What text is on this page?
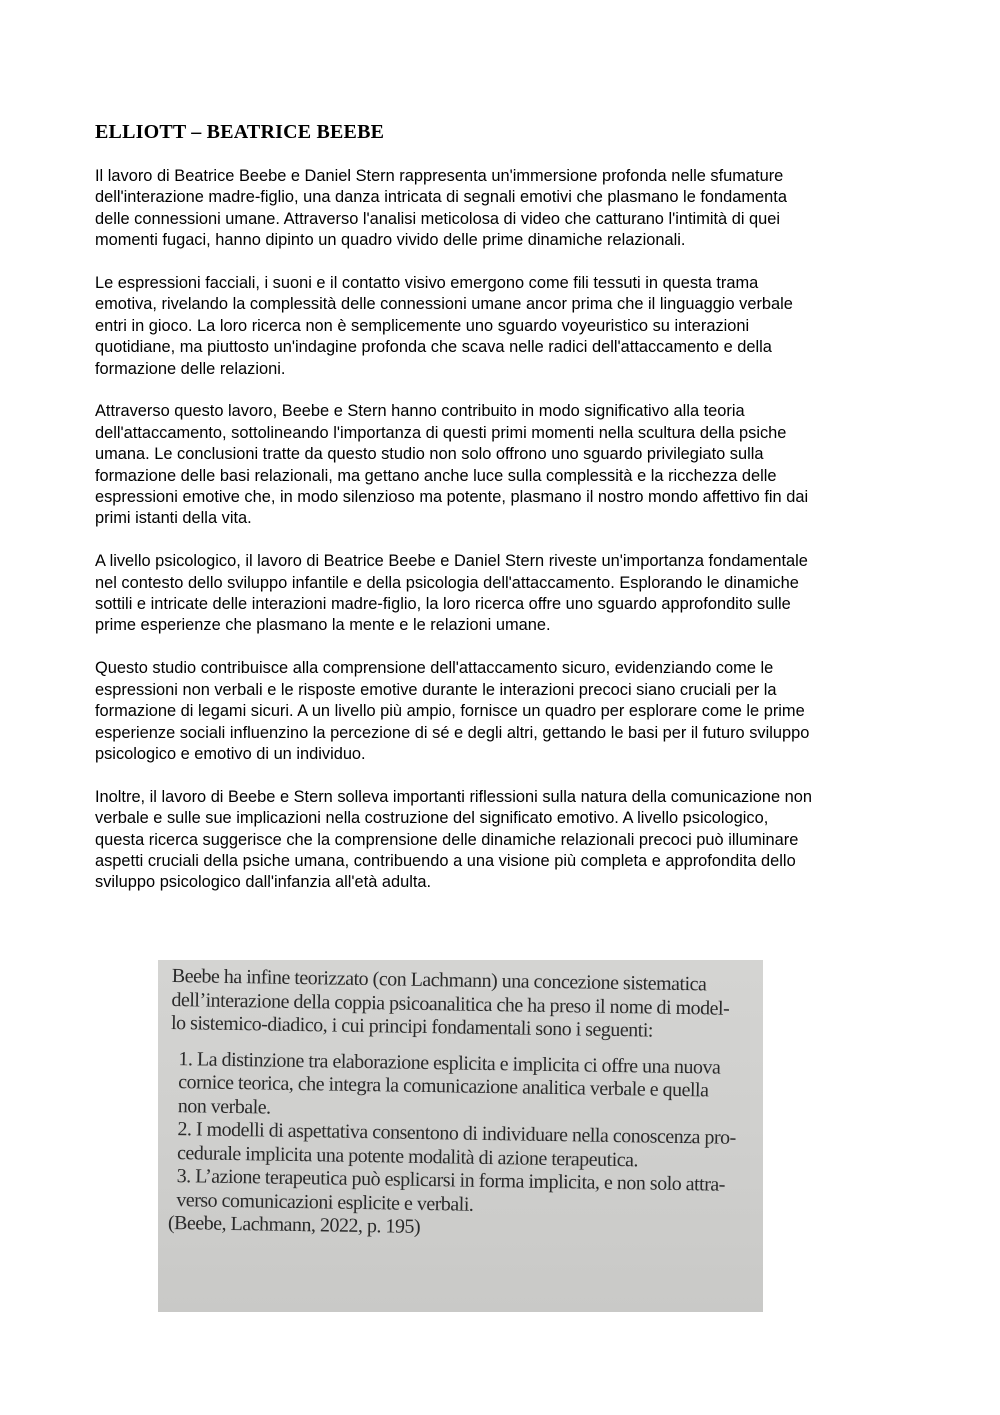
ELLIOTT – BEATRICE BEEBE

Il lavoro di Beatrice Beebe e Daniel Stern rappresenta un'immersione profonda nelle sfumature
dell'interazione madre-figlio, una danza intricata di segnali emotivi che plasmano le fondamenta
delle connessioni umane. Attraverso l'analisi meticolosa di video che catturano l'intimità di quei
momenti fugaci, hanno dipinto un quadro vivido delle prime dinamiche relazionali.

Le espressioni facciali, i suoni e il contatto visivo emergono come fili tessuti in questa trama
emotiva, rivelando la complessità delle connessioni umane ancor prima che il linguaggio verbale
entri in gioco. La loro ricerca non è semplicemente uno sguardo voyeuristico su interazioni
quotidiane, ma piuttosto un'indagine profonda che scava nelle radici dell'attaccamento e della
formazione delle relazioni.

Attraverso questo lavoro, Beebe e Stern hanno contribuito in modo significativo alla teoria
dell'attaccamento, sottolineando l'importanza di questi primi momenti nella scultura della psiche
umana. Le conclusioni tratte da questo studio non solo offrono uno sguardo privilegiato sulla
formazione delle basi relazionali, ma gettano anche luce sulla complessità e la ricchezza delle
espressioni emotive che, in modo silenzioso ma potente, plasmano il nostro mondo affettivo fin dai
primi istanti della vita.

A livello psicologico, il lavoro di Beatrice Beebe e Daniel Stern riveste un'importanza fondamentale
nel contesto dello sviluppo infantile e della psicologia dell'attaccamento. Esplorando le dinamiche
sottili e intricate delle interazioni madre-figlio, la loro ricerca offre uno sguardo approfondito sulle
prime esperienze che plasmano la mente e le relazioni umane.

Questo studio contribuisce alla comprensione dell'attaccamento sicuro, evidenziando come le
espressioni non verbali e le risposte emotive durante le interazioni precoci siano cruciali per la
formazione di legami sicuri. A un livello più ampio, fornisce un quadro per esplorare come le prime
esperienze sociali influenzino la percezione di sé e degli altri, gettando le basi per il futuro sviluppo
psicologico e emotivo di un individuo.

Inoltre, il lavoro di Beebe e Stern solleva importanti riflessioni sulla natura della comunicazione non
verbale e sulle sue implicazioni nella costruzione del significato emotivo. A livello psicologico,
questa ricerca suggerisce che la comprensione delle dinamiche relazionali precoci può illuminare
aspetti cruciali della psiche umana, contribuendo a una visione più completa e approfondita dello
sviluppo psicologico dall'infanzia all'età adulta.

Beebe ha infine teorizzato (con Lachmann) una concezione sistematica
dell’interazione della coppia psicoanalitica che ha preso il nome di model-
lo sistemico-diadico, i cui principi fondamentali sono i seguenti:
1. La distinzione tra elaborazione esplicita e implicita ci offre una nuova
cornice teorica, che integra la comunicazione analitica verbale e quella
non verbale.
2. I modelli di aspettativa consentono di individuare nella conoscenza pro-
cedurale implicita una potente modalità di azione terapeutica.
3. L’azione terapeutica può esplicarsi in forma implicita, e non solo attra-
verso comunicazioni esplicite e verbali.
(Beebe, Lachmann, 2022, p. 195)
